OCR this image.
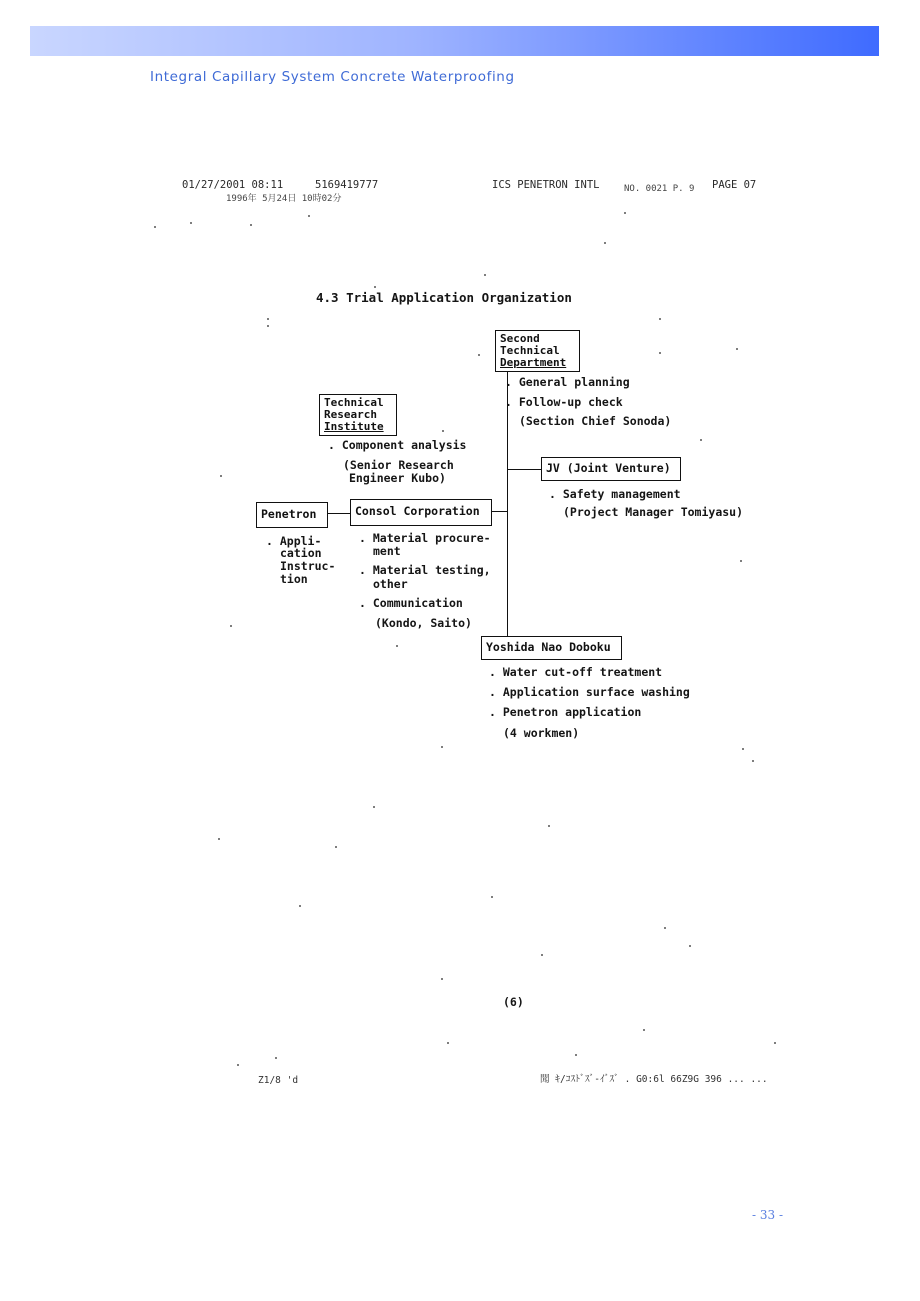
Integral Capillary System Concrete Waterproofing
01/27/2001 08:11	5169419777	ICS PENETRON INTL	NO. 0021 P. 9 PAGE 07
1996年 5月24日 10時02分
4.3 Trial Application Organization
Second
Technical
Department
. General planning
. Follow-up check
(Section Chief Sonoda)
Technical
Research
Institute
. Component analysis
(Senior Research
Engineer Kubo)
JV (Joint Venture)
. Safety management
(Project Manager Tomiyasu)
Penetron
. Appli-
cation
Instruc-
tion
Consol Corporation
. Material procure-
ment
. Material testing,
other
. Communication
(Kondo, Saito)
Yoshida Nao Doboku
. Water cut-off treatment
. Application surface washing
. Penetron application
(4 workmen)
(6)
Z1/8 'd	聞 ｷ/ｺｽﾄﾞｽﾞ-ｲﾞｽﾞ . G0:6l 66Z9G 396 ... ...
- 33 -
